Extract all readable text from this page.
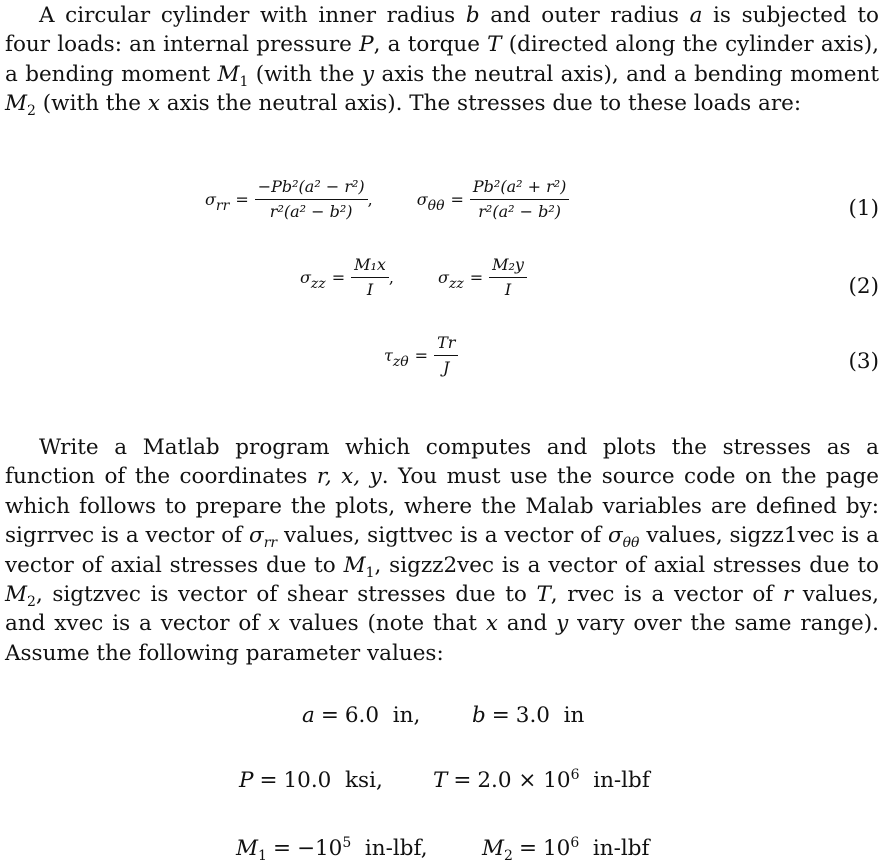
A circular cylinder with inner radius b and outer radius a is subjected to four loads: an internal pressure P, a torque T (directed along the cylinder axis), a bending moment $M_1$ (with the y axis the neutral axis), and a bending moment $M_2$ (with the x axis the neutral axis). The stresses due to these loads are:

$\sigma_{rr} = \frac{\text{−Pb²(a² − r²)}}{\text{r²(a² − b²)}}$ ,	$\sigma_{\theta\theta} = \frac{\text{Pb²(a² + r²)}}{\text{r²(a² − b²)}}$	(1)
$\sigma_{zz} = \frac{\text{M₁x}}{I}$ ,	$\sigma_{zz} = \frac{\text{M₂y}}{I}$	(2)
$\tau_{z\theta} = \frac{Tr}{J}$	(3)

Write a Matlab program which computes and plots the stresses as a function of the coordinates r, x, y. You must use the source code on the page which follows to prepare the plots, where the Malab variables are defined by: sigrrvec is a vector of $\sigma_{rr}$ values, sigttvec is a vector of $\sigma_{\theta\theta}$ values, sigzz1vec is a vector of axial stresses due to $M_1$, sigzz2vec is a vector of axial stresses due to $M_2$, sigtzvec is vector of shear stresses due to T, rvec is a vector of r values, and xvec is a vector of x values (note that x and y vary over the same range). Assume the following parameter values:

a = 6.0 in, b = 3.0 in
P = 10.0 ksi, $T = 2.0 \times 10^6$ in-lbf
$M_1 = -10^5$ in-lbf,	$M_2 = 10^6$ in-lbf
